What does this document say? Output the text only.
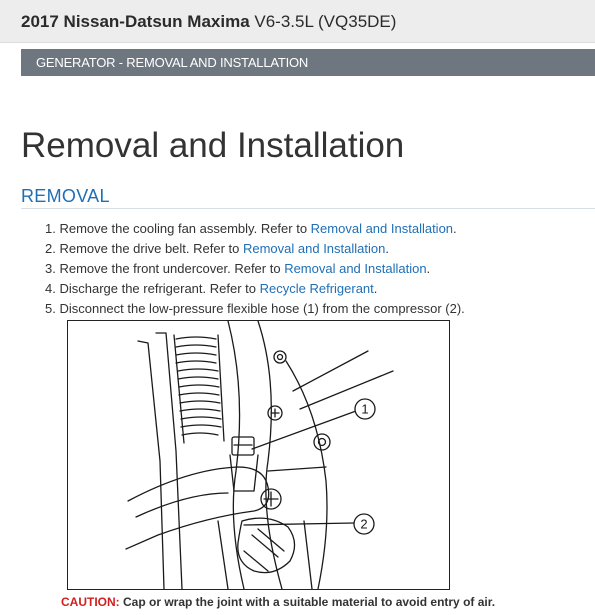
2017 Nissan-Datsun Maxima V6-3.5L (VQ35DE)
GENERATOR - REMOVAL AND INSTALLATION
Removal and Installation
REMOVAL
1. Remove the cooling fan assembly. Refer to Removal and Installation.
2. Remove the drive belt. Refer to Removal and Installation.
3. Remove the front undercover. Refer to Removal and Installation.
4. Discharge the refrigerant. Refer to Recycle Refrigerant.
5. Disconnect the low-pressure flexible hose (1) from the compressor (2).
1
2
CAUTION: Cap or wrap the joint with a suitable material to avoid entry of air.
